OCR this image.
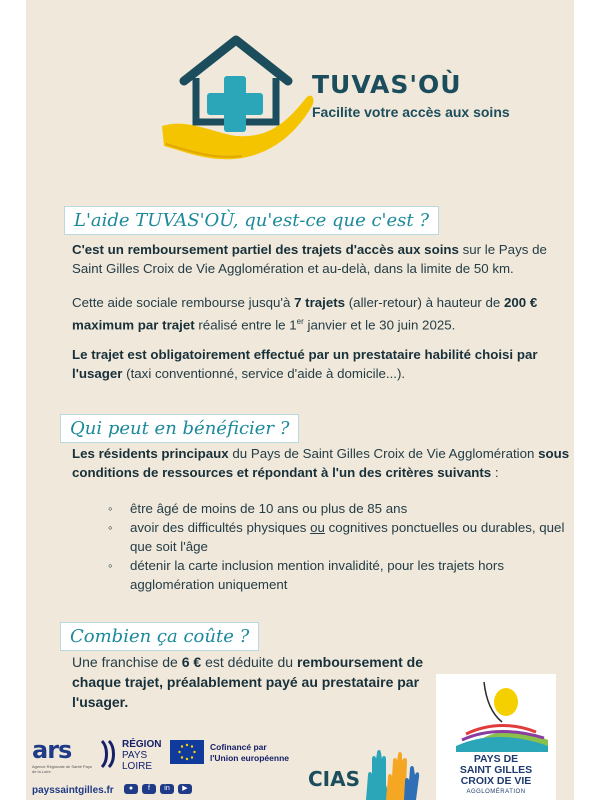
TUVAS'OÙ
Facilite votre accès aux soins
L'aide TUVAS'OÙ, qu'est-ce que c'est ?
C'est un remboursement partiel des trajets d'accès aux soins sur le Pays de Saint Gilles Croix de Vie Agglomération et au-delà, dans la limite de 50 km.
Cette aide sociale rembourse jusqu'à 7 trajets (aller-retour) à hauteur de 200 € maximum par trajet réalisé entre le 1er janvier et le 30 juin 2025.
Le trajet est obligatoirement effectué par un prestataire habilité choisi par l'usager (taxi conventionné, service d'aide à domicile...).
Qui peut en bénéficier ?
Les résidents principaux du Pays de Saint Gilles Croix de Vie Agglomération sous conditions de ressources et répondant à l'un des critères suivants :
◦ être âgé de moins de 10 ans ou plus de 85 ans
◦ avoir des difficultés physiques ou cognitives ponctuelles ou durables, quel que soit l'âge
◦ détenir la carte inclusion mention invalidité, pour les trajets hors agglomération uniquement
Combien ça coûte ?
Une franchise de 6 € est déduite du remboursement de chaque trajet, préalablement payé au prestataire par l'usager.
ars
Agence Régionale de Santé Pays de la Loire
RÉGION
PAYS
LOIRE
Cofinancé par
l'Union européenne
payssaintgilles.fr	●	f	in	▶	CIAS
PAYS DE
SAINT GILLES
CROIX DE VIE
AGGLOMÉRATION
